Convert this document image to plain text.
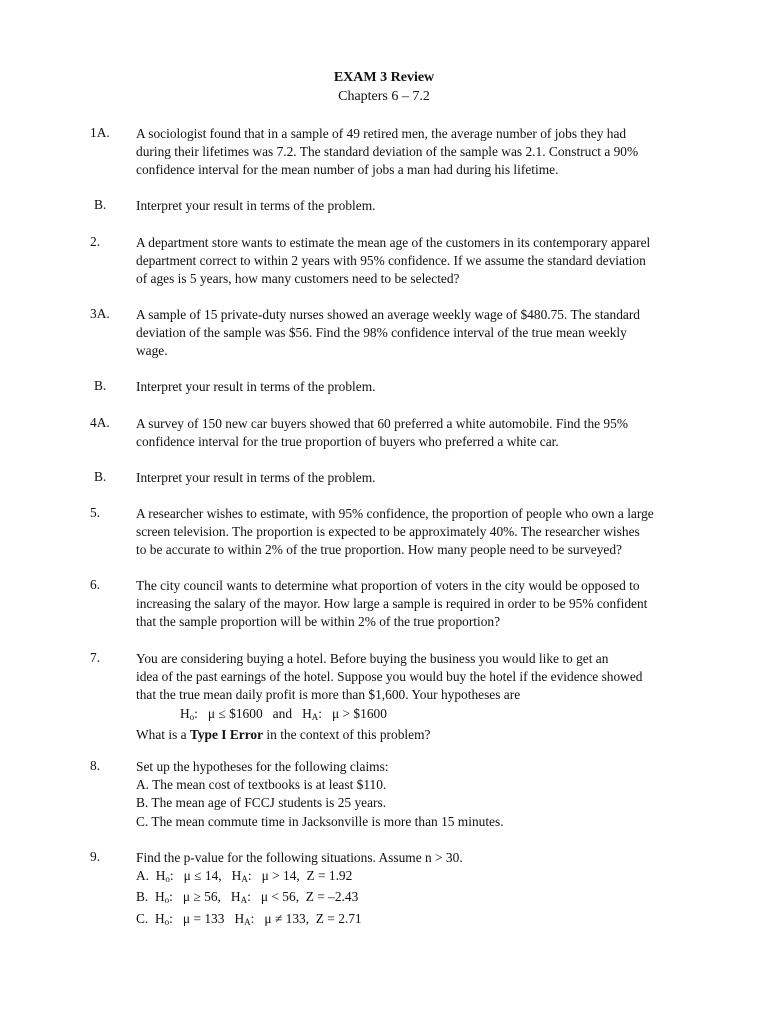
EXAM 3 Review
Chapters 6 – 7.2
1A. A sociologist found that in a sample of 49 retired men, the average number of jobs they had
during their lifetimes was 7.2. The standard deviation of the sample was 2.1. Construct a 90%
confidence interval for the mean number of jobs a man had during his lifetime.
B. Interpret your result in terms of the problem.
2.	A department store wants to estimate the mean age of the customers in its contemporary apparel
department correct to within 2 years with 95% confidence. If we assume the standard deviation
of ages is 5 years, how many customers need to be selected?
3A. A sample of 15 private-duty nurses showed an average weekly wage of $480.75. The standard
deviation of the sample was $56. Find the 98% confidence interval of the true mean weekly
wage.
B. Interpret your result in terms of the problem.
4A. A survey of 150 new car buyers showed that 60 preferred a white automobile. Find the 95%
confidence interval for the true proportion of buyers who preferred a white car.
B. Interpret your result in terms of the problem.
5.	A researcher wishes to estimate, with 95% confidence, the proportion of people who own a large
screen television. The proportion is expected to be approximately 40%. The researcher wishes
to be accurate to within 2% of the true proportion. How many people need to be surveyed?
6.	The city council wants to determine what proportion of voters in the city would be opposed to
increasing the salary of the mayor. How large a sample is required in order to be 95% confident
that the sample proportion will be within 2% of the true proportion?
7.	You are considering buying a hotel. Before buying the business you would like to get an
idea of the past earnings of the hotel. Suppose you would buy the hotel if the evidence showed
that the true mean daily profit is more than $1,600. Your hypotheses are
$H_o$:   μ ≤ $1600   and   $H_A$:   μ > $1600
What is a Type I Error in the context of this problem?
8.	Set up the hypotheses for the following claims:
A. The mean cost of textbooks is at least $110.
B. The mean age of FCCJ students is 25 years.
C. The mean commute time in Jacksonville is more than 15 minutes.
9.	Find the p-value for the following situations. Assume n > 30.
A.  $H_o$:   μ ≤ 14,   $H_A$:   μ > 14,  Z = 1.92
B.  $H_o$:   μ ≥ 56,   $H_A$:   μ < 56,  Z = –2.43
C.  $H_o$:   μ = 133   $H_A$:   μ ≠ 133,  Z = 2.71
